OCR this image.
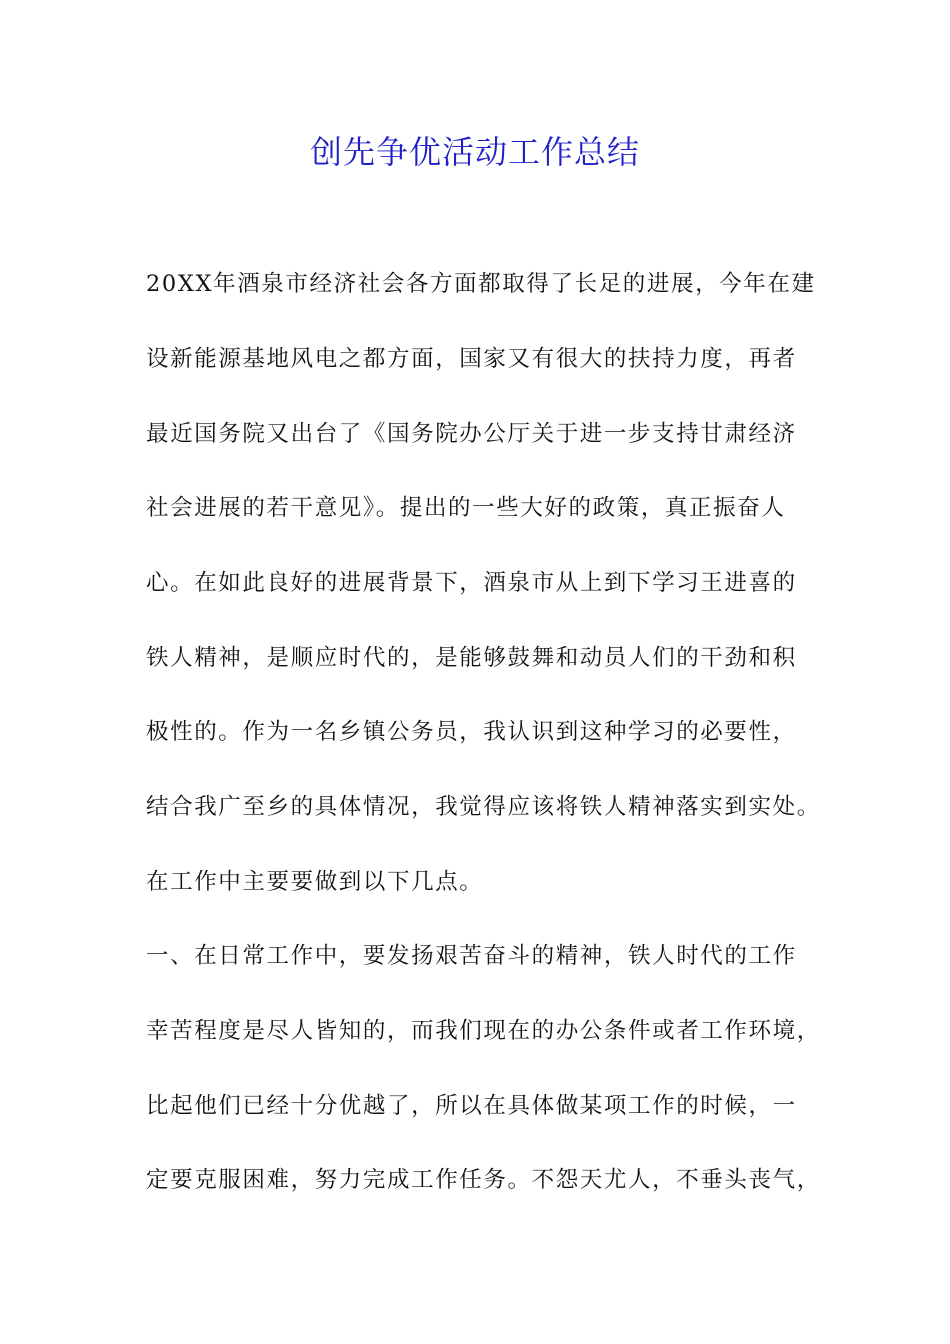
创先争优活动工作总结
20XX年酒泉市经济社会各方面都取得了长足的进展，今年在建
设新能源基地风电之都方面，国家又有很大的扶持力度，再者
最近国务院又出台了《国务院办公厅关于进一步支持甘肃经济
社会进展的若干意见》。提出的一些大好的政策，真正振奋人
心。在如此良好的进展背景下，酒泉市从上到下学习王进喜的
铁人精神，是顺应时代的，是能够鼓舞和动员人们的干劲和积
极性的。作为一名乡镇公务员，我认识到这种学习的必要性，
结合我广至乡的具体情况，我觉得应该将铁人精神落实到实处。
在工作中主要要做到以下几点。
一、在日常工作中，要发扬艰苦奋斗的精神，铁人时代的工作
幸苦程度是尽人皆知的，而我们现在的办公条件或者工作环境，
比起他们已经十分优越了，所以在具体做某项工作的时候，一
定要克服困难，努力完成工作任务。不怨天尤人，不垂头丧气，
